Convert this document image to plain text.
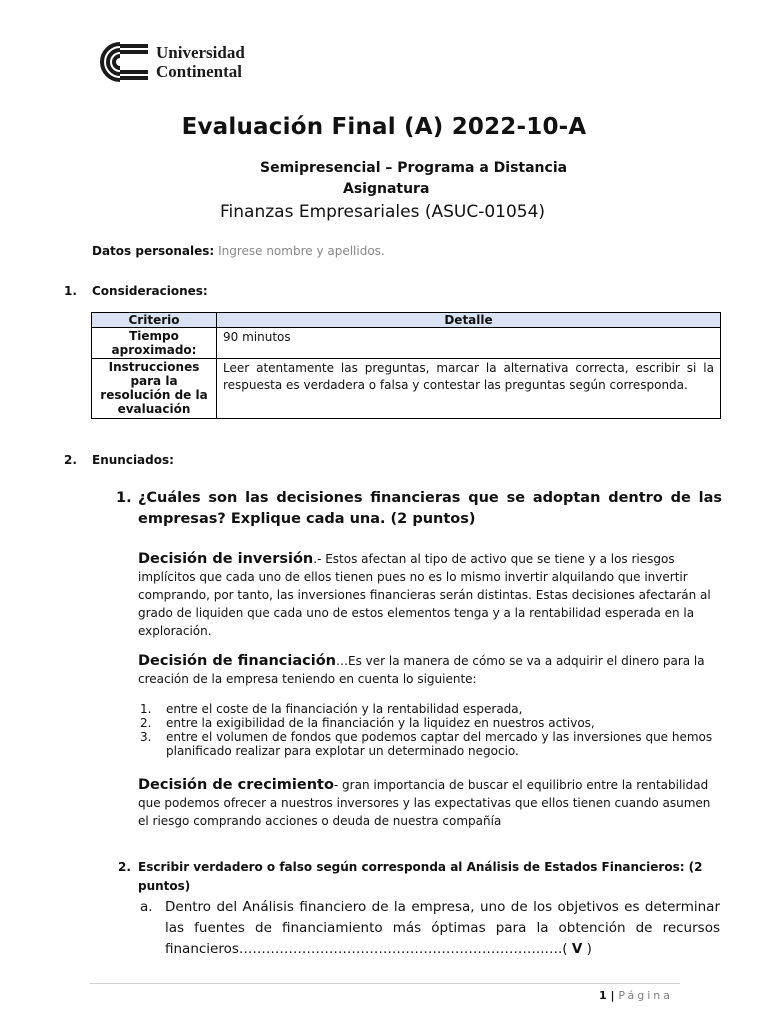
Universidad
Continental
Evaluación Final (A) 2022-10-A
Semipresencial – Programa a Distancia
Asignatura
Finanzas Empresariales (ASUC-01054)
Datos personales: Ingrese nombre y apellidos.
1. Consideraciones:
Criterio	Detalle
Tiempo aproximado:	90 minutos
Instrucciones para la resolución de la evaluación	Leer atentamente las preguntas, marcar la alternativa correcta, escribir si la respuesta es verdadera o falsa y contestar las preguntas según corresponda.
2. Enunciados:
1. ¿Cuáles son las decisiones financieras que se adoptan dentro de las empresas? Explique cada una. (2 puntos)
Decisión de inversión.- Estos afectan al tipo de activo que se tiene y a los riesgos implícitos que cada uno de ellos tienen pues no es lo mismo invertir alquilando que invertir comprando, por tanto, las inversiones financieras serán distintas. Estas decisiones afectarán al grado de liquiden que cada uno de estos elementos tenga y a la rentabilidad esperada en la exploración.
Decisión de financiación…Es ver la manera de cómo se va a adquirir el dinero para la creación de la empresa teniendo en cuenta lo siguiente:
1. entre el coste de la financiación y la rentabilidad esperada,
2. entre la exigibilidad de la financiación y la liquidez en nuestros activos,
3. entre el volumen de fondos que podemos captar del mercado y las inversiones que hemos planificado realizar para explotar un determinado negocio.
Decisión de crecimiento- gran importancia de buscar el equilibrio entre la rentabilidad que podemos ofrecer a nuestros inversores y las expectativas que ellos tienen cuando asumen el riesgo comprando acciones o deuda de nuestra compañía
2. Escribir verdadero o falso según corresponda al Análisis de Estados Financieros: (2 puntos)
a. Dentro del Análisis financiero de la empresa, uno de los objetivos es determinar las fuentes de financiamiento más óptimas para la obtención de recursos financieros…………………………………………………………..….( V )
1 | Página
